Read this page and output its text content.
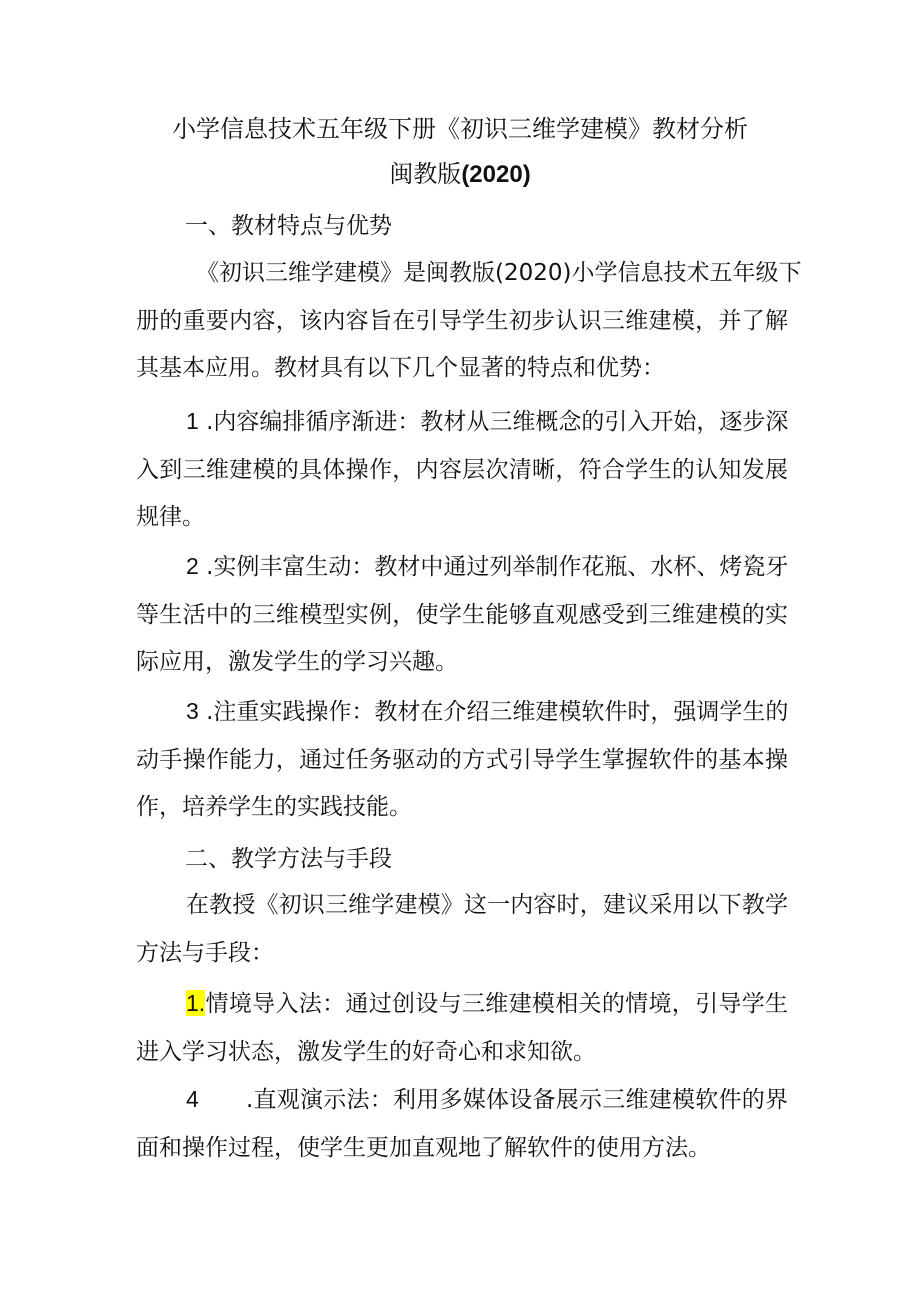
小学信息技术五年级下册《初识三维学建模》教材分析
闽教版(2020)
一、教材特点与优势
《初识三维学建模》是闽教版(2020)小学信息技术五年级下
册的重要内容，该内容旨在引导学生初步认识三维建模，并了解
其基本应用。教材具有以下几个显著的特点和优势：
1 .内容编排循序渐进：教材从三维概念的引入开始，逐步深
入到三维建模的具体操作，内容层次清晰，符合学生的认知发展
规律。
2 .实例丰富生动：教材中通过列举制作花瓶、水杯、烤瓷牙
等生活中的三维模型实例，使学生能够直观感受到三维建模的实
际应用，激发学生的学习兴趣。
3 .注重实践操作：教材在介绍三维建模软件时，强调学生的
动手操作能力，通过任务驱动的方式引导学生掌握软件的基本操
作，培养学生的实践技能。
二、教学方法与手段
在教授《初识三维学建模》这一内容时，建议采用以下教学
方法与手段：
1.情境导入法：通过创设与三维建模相关的情境，引导学生
进入学习状态，激发学生的好奇心和求知欲。
4 .直观演示法：利用多媒体设备展示三维建模软件的界
面和操作过程，使学生更加直观地了解软件的使用方法。
